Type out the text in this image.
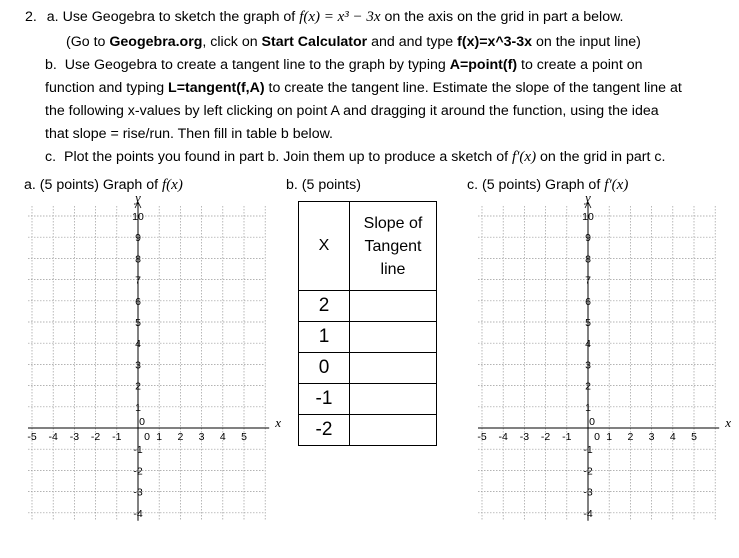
2. a. Use Geogebra to sketch the graph of f(x) = x³ − 3x on the axis on the grid in part a below.
(Go to Geogebra.org, click on Start Calculator and and type f(x)=x^3-3x on the input line)
b. Use Geogebra to create a tangent line to the graph by typing A=point(f) to create a point on
function and typing L=tangent(f,A) to create the tangent line. Estimate the slope of the tangent line at
the following x-values by left clicking on point A and dragging it around the function, using the idea
that slope = rise/run. Then fill in table b below.
c. Plot the points you found in part b. Join them up to produce a sketch of f′(x) on the grid in part c.
a. (5 points) Graph of f(x)	b. (5 points)	c. (5 points) Graph of f′(x)
-4
-3
-2
-1
1
2
3
4
5
6
7
8
9
10
0
-5 -4 -3 -2 -1	1 2 3 4 5
0
x
y
-4
-3
-2
-1
1
2
3
4
5
6
7
8
9
10
0
-5 -4 -3 -2 -1	1 2 3 4 5
0
x
y
X	Slope of Tangent line
2	
1	
0	
-1	
-2	
